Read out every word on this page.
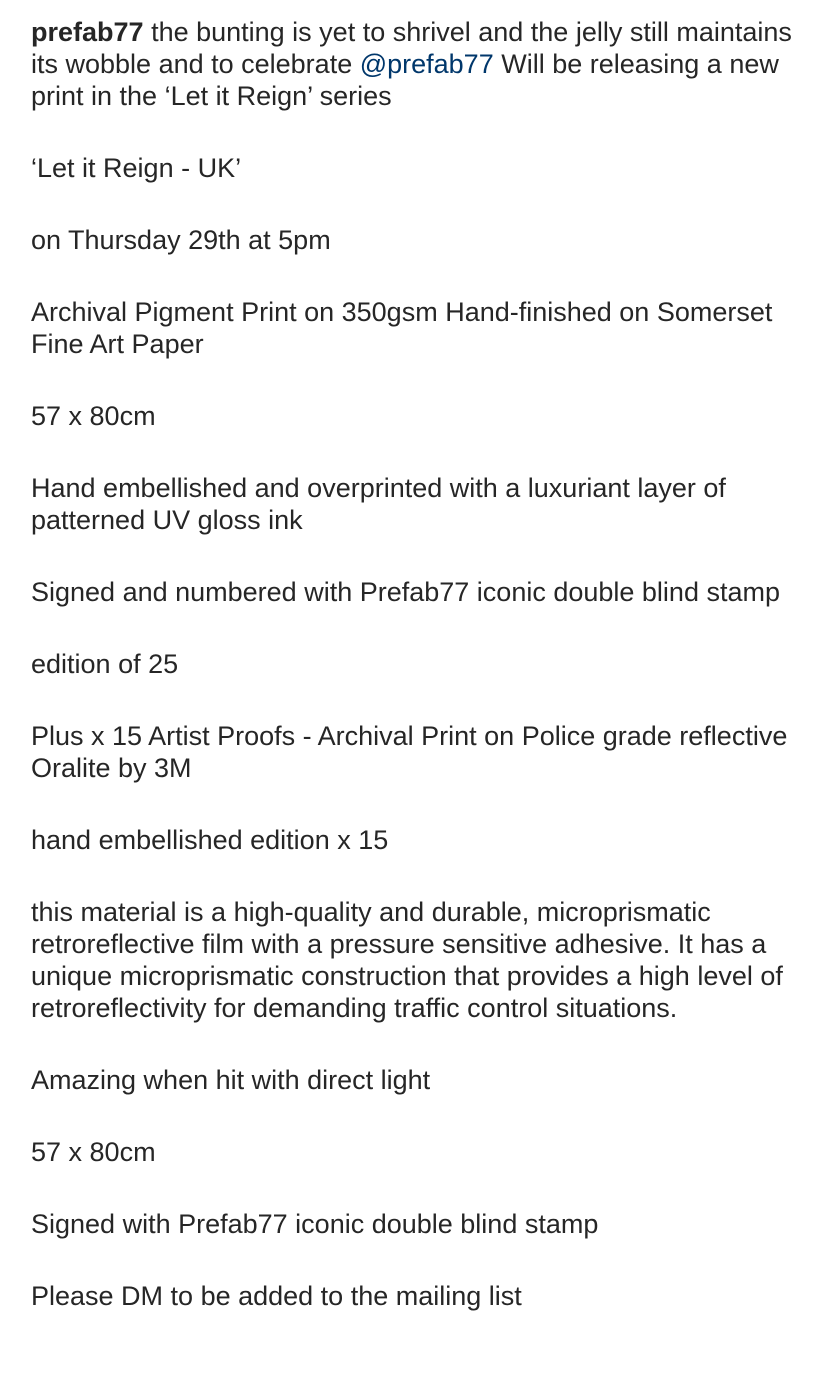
prefab77 the bunting is yet to shrivel and the jelly still maintains its wobble and to celebrate @prefab77 Will be releasing a new print in the ‘Let it Reign’ series

‘Let it Reign - UK’

on Thursday 29th at 5pm

Archival Pigment Print on 350gsm Hand-finished on Somerset Fine Art Paper

57 x 80cm

Hand embellished and overprinted with a luxuriant layer of patterned UV gloss ink

Signed and numbered with Prefab77 iconic double blind stamp

edition of 25

Plus x 15 Artist Proofs - Archival Print on Police grade reflective Oralite by 3M

hand embellished edition x 15

this material is a high-quality and durable, microprismatic retroreflective film with a pressure sensitive adhesive. It has a unique microprismatic construction that provides a high level of retroreflectivity for demanding traffic control situations.

Amazing when hit with direct light

57 x 80cm

Signed with Prefab77 iconic double blind stamp

Please DM to be added to the mailing list
